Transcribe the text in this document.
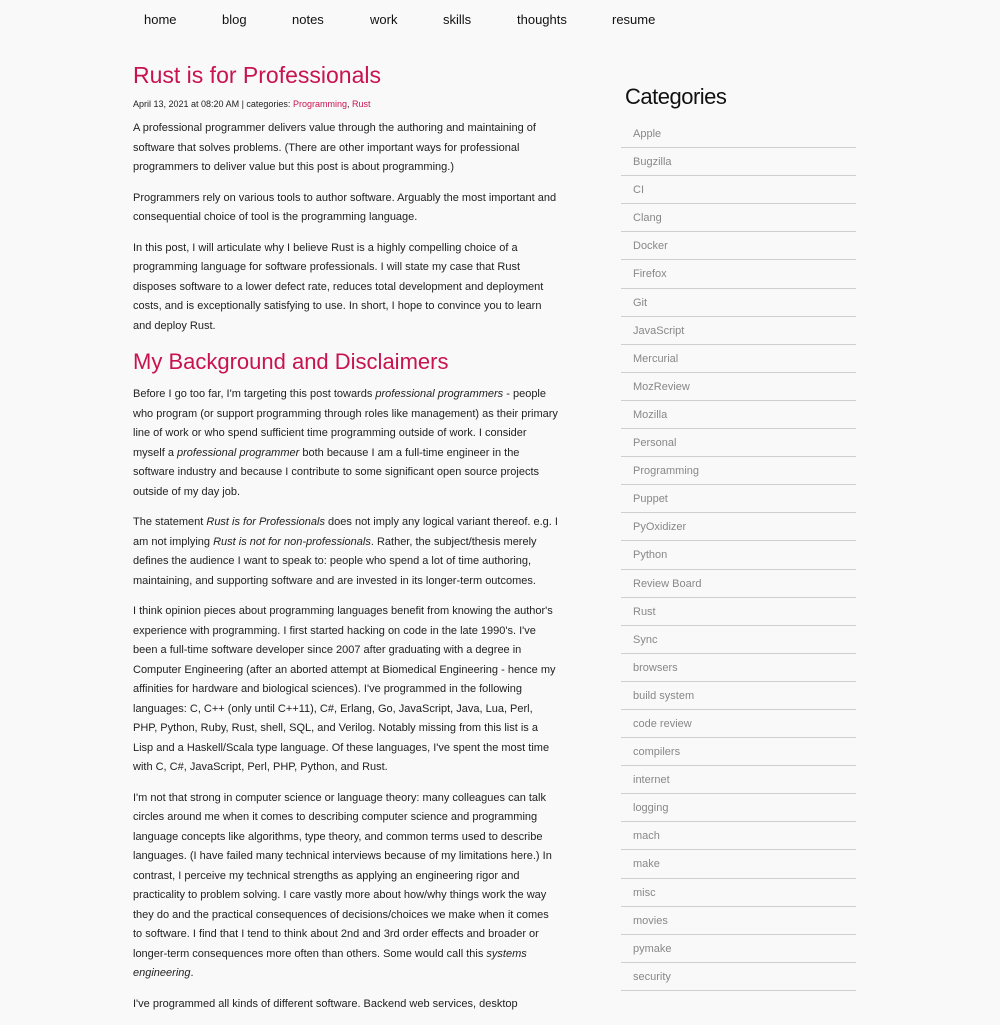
home	blog	notes	work	skills	thoughts	resume
Rust is for Professionals
April 13, 2021 at 08:20 AM | categories: Programming, Rust

A professional programmer delivers value through the authoring and maintaining of software that solves problems. (There are other important ways for professional programmers to deliver value but this post is about programming.)

Programmers rely on various tools to author software. Arguably the most important and consequential choice of tool is the programming language.

In this post, I will articulate why I believe Rust is a highly compelling choice of a programming language for software professionals. I will state my case that Rust disposes software to a lower defect rate, reduces total development and deployment costs, and is exceptionally satisfying to use. In short, I hope to convince you to learn and deploy Rust.

My Background and Disclaimers

Before I go too far, I'm targeting this post towards professional programmers - people who program (or support programming through roles like management) as their primary line of work or who spend sufficient time programming outside of work. I consider myself a professional programmer both because I am a full-time engineer in the software industry and because I contribute to some significant open source projects outside of my day job.

The statement Rust is for Professionals does not imply any logical variant thereof. e.g. I am not implying Rust is not for non-professionals. Rather, the subject/thesis merely defines the audience I want to speak to: people who spend a lot of time authoring, maintaining, and supporting software and are invested in its longer-term outcomes.

I think opinion pieces about programming languages benefit from knowing the author's experience with programming. I first started hacking on code in the late 1990's. I've been a full-time software developer since 2007 after graduating with a degree in Computer Engineering (after an aborted attempt at Biomedical Engineering - hence my affinities for hardware and biological sciences). I've programmed in the following languages: C, C++ (only until C++11), C#, Erlang, Go, JavaScript, Java, Lua, Perl, PHP, Python, Ruby, Rust, shell, SQL, and Verilog. Notably missing from this list is a Lisp and a Haskell/Scala type language. Of these languages, I've spent the most time with C, C#, JavaScript, Perl, PHP, Python, and Rust.

I'm not that strong in computer science or language theory: many colleagues can talk circles around me when it comes to describing computer science and programming language concepts like algorithms, type theory, and common terms used to describe languages. (I have failed many technical interviews because of my limitations here.) In contrast, I perceive my technical strengths as applying an engineering rigor and practicality to problem solving. I care vastly more about how/why things work the way they do and the practical consequences of decisions/choices we make when it comes to software. I find that I tend to think about 2nd and 3rd order effects and broader or longer-term consequences more often than others. Some would call this systems engineering.

I've programmed all kinds of different software. Backend web services, desktop

Categories
Apple
Bugzilla
CI
Clang
Docker
Firefox
Git
JavaScript
Mercurial
MozReview
Mozilla
Personal
Programming
Puppet
PyOxidizer
Python
Review Board
Rust
Sync
browsers
build system
code review
compilers
internet
logging
mach
make
misc
movies
pymake
security
